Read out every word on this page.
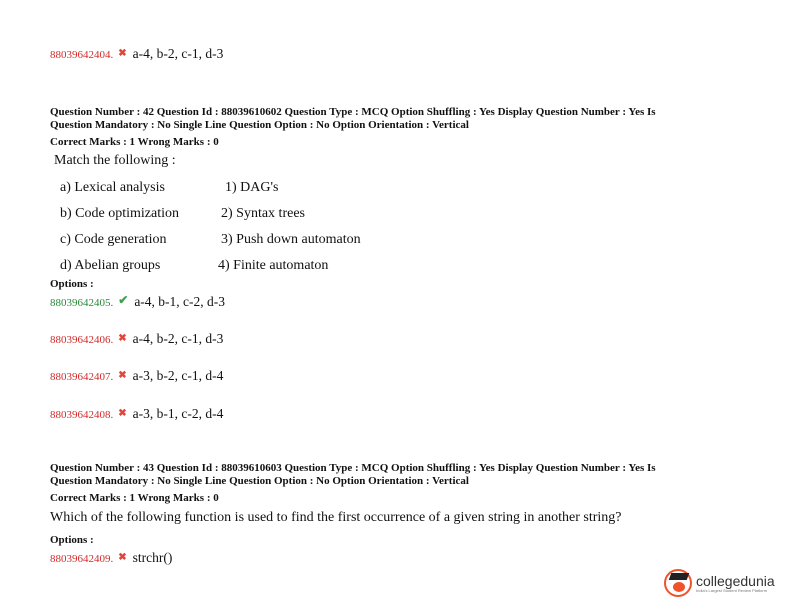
88039642404. ✖ a-4, b-2, c-1, d-3
Question Number : 42 Question Id : 88039610602 Question Type : MCQ Option Shuffling : Yes Display Question Number : Yes Is
Question Mandatory : No Single Line Question Option : No Option Orientation : Vertical
Correct Marks : 1 Wrong Marks : 0
Match the following :
a) Lexical analysis
b) Code optimization
c) Code generation
d) Abelian groups
1) DAG's
2) Syntax trees
3) Push down automaton
4) Finite automaton
Options :
88039642405. ✔ a-4, b-1, c-2, d-3
88039642406. ✖ a-4, b-2, c-1, d-3
88039642407. ✖ a-3, b-2, c-1, d-4
88039642408. ✖ a-3, b-1, c-2, d-4
Question Number : 43 Question Id : 88039610603 Question Type : MCQ Option Shuffling : Yes Display Question Number : Yes Is
Question Mandatory : No Single Line Question Option : No Option Orientation : Vertical
Correct Marks : 1 Wrong Marks : 0
Which of the following function is used to find the first occurrence of a given string in another string?
Options :
88039642409. ✖ strchr()
collegedunia
India's Largest Student Review Platform
